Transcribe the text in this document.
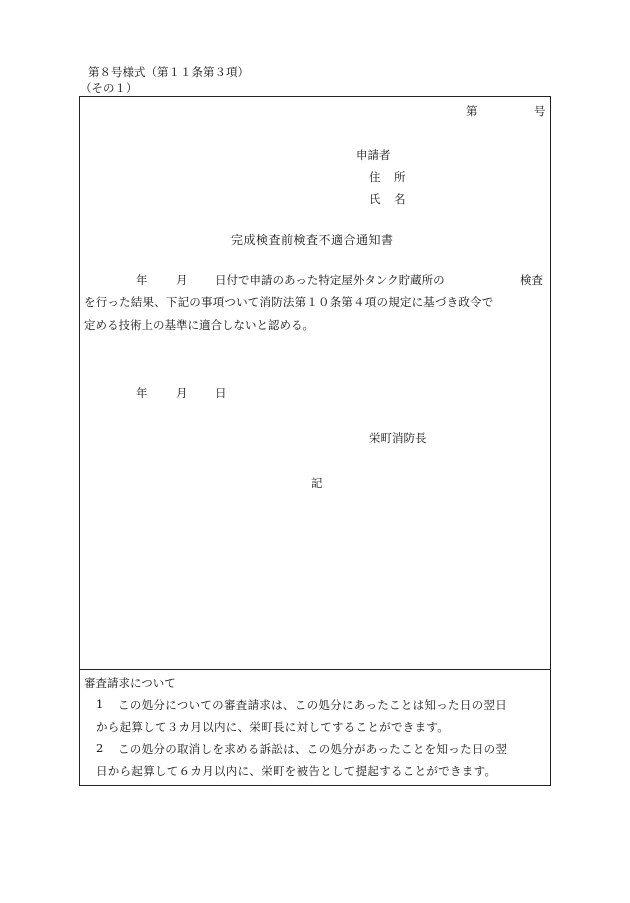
第８号様式（第１１条第３項）
（その１）
第	号
申請者
住 所
氏 名
完成検査前検査不適合通知書
年 月 日付で申請のあった特定屋外タンク貯蔵所の	検査
を行った結果、下記の事項ついて消防法第１０条第４項の規定に基づき政令で
定める技術上の基準に適合しないと認める。
年 月 日
栄町消防長
記
審査請求について
1 この処分についての審査請求は、この処分にあったことは知った日の翌日
から起算して３カ月以内に、栄町長に対してすることができます。
2 この処分の取消しを求める訴訟は、この処分があったことを知った日の翌
日から起算して６カ月以内に、栄町を被告として提起することができます。
